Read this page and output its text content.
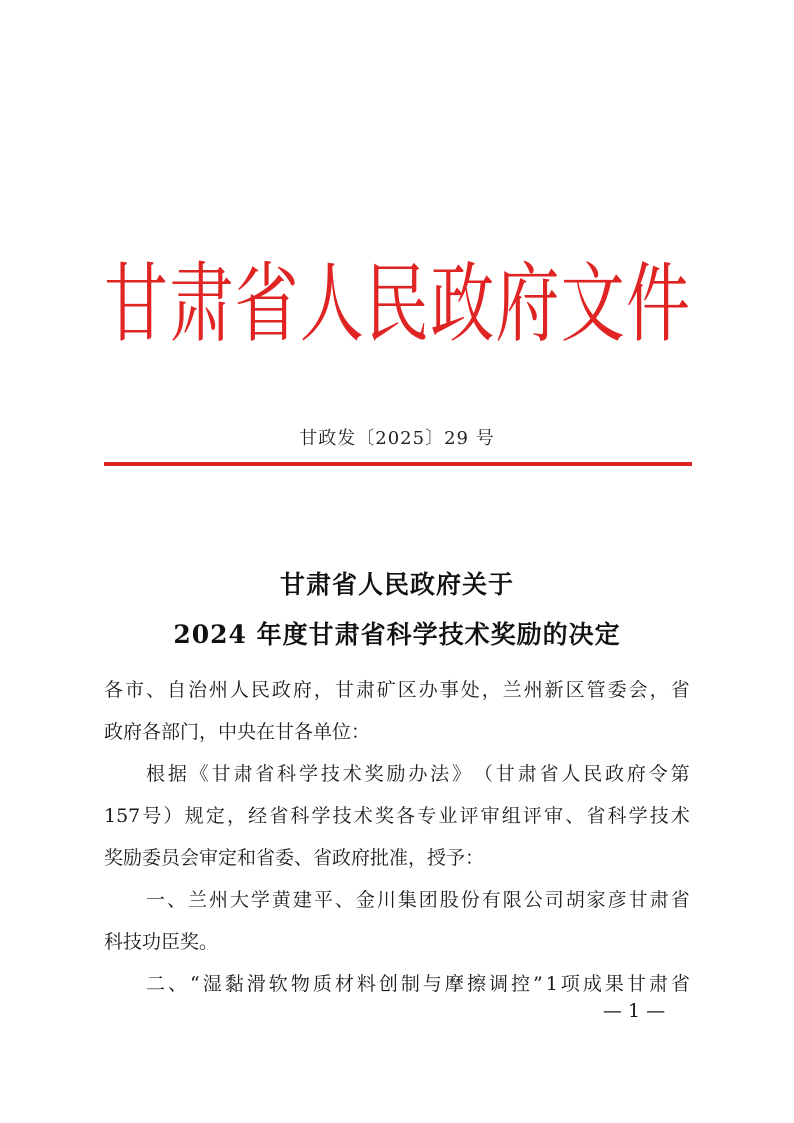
甘 肃 省 人 民 政 府 文 件
甘政发〔2025〕29 号
甘肃省人民政府关于
2024 年度甘肃省科学技术奖励的决定
各 市 、 自 治 州 人 民 政 府 ， 甘 肃 矿 区 办 事 处 ， 兰 州 新 区 管 委 会 ， 省
政府各部门，中央在甘各单位：
根 据 《 甘 肃 省 科 学 技 术 奖 励 办 法 》 （ 甘 肃 省 人 民 政 府 令 第
157 号 ） 规 定 ， 经 省 科 学 技 术 奖 各 专 业 评 审 组 评 审 、 省 科 学 技 术
奖励委员会审定和省委、省政府批准，授予：
一 、 兰 州 大 学 黄 建 平 、 金 川 集 团 股 份 有 限 公 司 胡 家 彦 甘 肃 省
科技功臣奖。
二 、 “ 湿 黏 滑 软 物 质 材 料 创 制 与 摩 擦 调 控 ” 1 项 成 果 甘 肃 省
— 1 —
